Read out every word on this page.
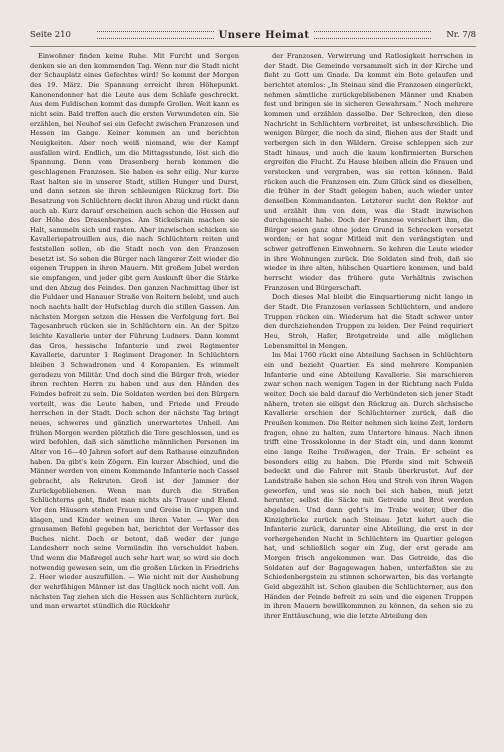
Seite 210	Unsere Heimat	Nr. 7/8

Einwohner finden keine Ruhe. Mit Furcht und Sorgen denken sie an den kommenden Tag. Wenn nur die Stadt nicht der Schauplatz eines Gefechtes wird! So kommt der Morgen des 19. März. Die Spannung erreicht ihren Höhepunkt. Kanonendonner hat die Leute aus dem Schlafe geschreckt. Aus dem Fuldischen kommt das dumpfe Grollen. Weit kann es nicht sein. Bald treffen auch die ersten Verwundeten ein. Sie erzählen, bei Neuhof sei ein Gefecht zwischen Franzosen und Hessen im Gange. Keiner kommen an und berichten Neuigkeiten. Aber noch weiß niemand, wie der Kampf ausfallen wird. Endlich, um die Mittagsstunde, löst sich die Spannung. Denn vom Drasenberg herab kommen die geschlagenen Franzosen. Sie haben es sehr eilig. Nur kurze Rast halten sie in unserer Stadt, stillen Hunger und Durst, und dann setzen sie ihren schleunigen Rückzug fort. Die Besatzung von Schlüchtern deckt ihren Abzug und rückt dann auch ab. Kurz darauf erscheinen auch schon die Hessen auf der Höhe des Drasenberges. Am Stickelsrain machen sie Halt, sammeln sich und rasten. Aber inzwischen schicken sie Kavalleriepatrouillen aus, die nach Schlüchtern reiten und feststellen sollen, ob die Stadt noch von den Franzosen besetzt ist. So sehen die Bürger nach längerer Zeit wieder die eigenen Truppen in ihren Mauern. Mit großem Jubel werden sie empfangen, und jeder gibt gern Auskunft über die Stärke und den Abzug des Feindes. Den ganzen Nachmittag über ist die Fuldaer und Hanauer Straße von Reitern belebt, und auch noch nachts hallt der Hufschlag durch die stillen Gassen. Am nächsten Morgen setzen die Hessen die Verfolgung fort. Bei Tagesanbruch rücken sie in Schlüchtern ein. An der Spitze leichte Kavallerie unter der Führung Ludners. Dann kommt das Gros, hessische Infanterie und zwei Regimenter Kavallerie, darunter 1 Regiment Dragoner. In Schlüchtern bleiben 3 Schwadronen und 4 Kompanien. Es wimmelt geradezu von Militär. Und doch sind die Bürger froh, wieder ihren rechten Herrn zu haben und aus den Händen des Feindes befreit zu sein. Die Soldaten werden bei den Bürgern verteilt, was die Leute haben, und Friede und Freude herrschen in der Stadt. Doch schon der nächste Tag bringt neues, schweres und gänzlich unerwartetes Unheil. Am frühen Morgen werden plötzlich die Tore geschlossen, und es wird befohlen, daß sich sämtliche männlichen Personen im Alter von 16—40 Jahren sofort auf dem Rathause einzufinden haben. Da gibt's kein Zögern. Ein kurzer Abschied, und die Männer werden von einem Kommando Infanterie nach Cassel gebracht, als Rekruten. Groß ist der Jammer der Zurückgebliebenen. Wenn man durch die Straßen Schlüchterns geht, findet man nichts als Trauer und Elend. Vor den Häusern stehen Frauen und Greise in Gruppen und klagen, und Kinder weinen um ihren Vater. — Wer den grausamen Befehl gegeben hat, berichtet der Verfasser des Buches nicht. Doch er betont, daß weder der junge Landesherr noch seine Vormündin ihn verschuldet haben. Und wenn die Maßregel auch sehr hart war, so wird sie doch notwendig gewesen sein, um die großen Lücken in Friedrichs 2. Heer wieder auszufüllen. — Wie nicht mit der Aushebung der wehrfähigen Männer ist das Unglück noch nicht voll. Am nächsten Tag ziehen sich die Hessen aus Schlüchtern zurück, und man erwartet stündlich die Rückkehr

der Franzosen. Verwirrung und Ratlosigkeit herrschen in der Stadt. Die Gemeinde versammelt sich in der Kirche und fleht zu Gott um Gnade. Da kommt ein Bote gelaufen und berichtet atemlos: „In Steinau sind die Franzosen eingerückt, nehmen sämtliche zurückgebliebenen Männer und Knaben fest und bringen sie in sicheren Gewahrsam.“ Noch mehrere kommen und erzählen dasselbe. Der Schrecken, den diese Nachricht in Schlüchtern verbreitet, ist unbeschreiblich. Die wenigen Bürger, die noch da sind, fliehen aus der Stadt und verbergen sich in den Wäldern. Greise schleppen sich zur Stadt hinaus, und auch die kaum konfirmierten Burschen ergreifen die Flucht. Zu Hause bleiben allein die Frauen und verstecken und vergraben, was sie retten können. Bald rücken auch die Franzosen ein. Zum Glück sind es dieselben, die früher in der Stadt gelegen haben, auch wieder unter denselben Kommandanten. Letzterer sucht den Rektor auf und erzählt ihm von dem, was die Stadt inzwischen durchgemacht habe. Doch der Franzose versichert ihm, die Bürger seien ganz ohne jeden Grund in Schrecken versetzt worden; er hat sogar Mitleid mit den verängstigten und schwer getroffenen Einwohnern. So kehren die Leute wieder in ihre Wohnungen zurück. Die Soldaten sind froh, daß sie wieder in ihre alten, hübschen Quartiere kommen, und bald herrscht wieder das frühere gute Verhältnis zwischen Franzosen und Bürgerschaft.

Doch dieses Mal bleibt die Einquartierung nicht lange in der Stadt. Die Franzosen verlassen Schlüchtern, und andere Truppen rücken ein. Wiederum hat die Stadt schwer unter den durchziehenden Truppen zu leiden. Der Feind requiriert Heu, Stroh, Hafer, Brotgetreide und alle möglichen Lebensmittel in Mengen.

Im Mai 1760 rückt eine Abteilung Sachsen in Schlüchtern ein und bezieht Quartier. Es sind mehrere Kompanien Infanterie und eine Abteilung Kavallerie. Sie marschieren zwar schon nach wenigen Tagen in der Richtung nach Fulda weiter. Doch sie bald darauf die Verbündeten sich jener Stadt nähern, treten sie eiligst den Rückzug an. Durch sächsische Kavallerie erschien der Schlüchterner zurück, daß die Preußen kommen. Die Reiter nehmen sich keine Zeit, lordern fragen, ohne zu halten, zum Untertore hinaus. Nach ihnen trifft eine Trosskolonne in der Stadt ein, und dann kommt eine lange Reihe Troßwagen, der Train. Er scheint es besonders eilig zu haben. Die Pferde sind mit Schweiß bedeckt und die Fahrer mit Staub überkrustet. Auf der Landstraße haben sie schon Heu und Stroh von ihren Wagen geworfen, und was sie noch bei sich haben, muß jetzt herunter, selbst die Säcke mit Getreide und Brot werden abgeladen. Und dann geht's im Trabe weiter, über die Kinzigbrücke zurück nach Steinau. Jetzt kehrt auch die Infanterie zurück, darunter eine Abteilung, die erst in der vorhergehenden Nacht in Schlüchtern im Quartier gelegen hat, und schließlich sogar ein Zug, der erst gerade am Morgen frisch angekommen war. Das Getreide, das die Soldaten auf der Bagagewagen haben, unterfaßten sie zu Schiedenbergstein zu stinnen schorwarten, bis das verlangte Geld abgezählt ist. Schon glauben die Schlüchterner, aus den Händen der Feinde befreit zu sein und die eigenen Truppen in ihren Mauern bewillkommnen zu können, da sehen sie zu ihrer Enttäuschung, wie die letzte Abteilung den
